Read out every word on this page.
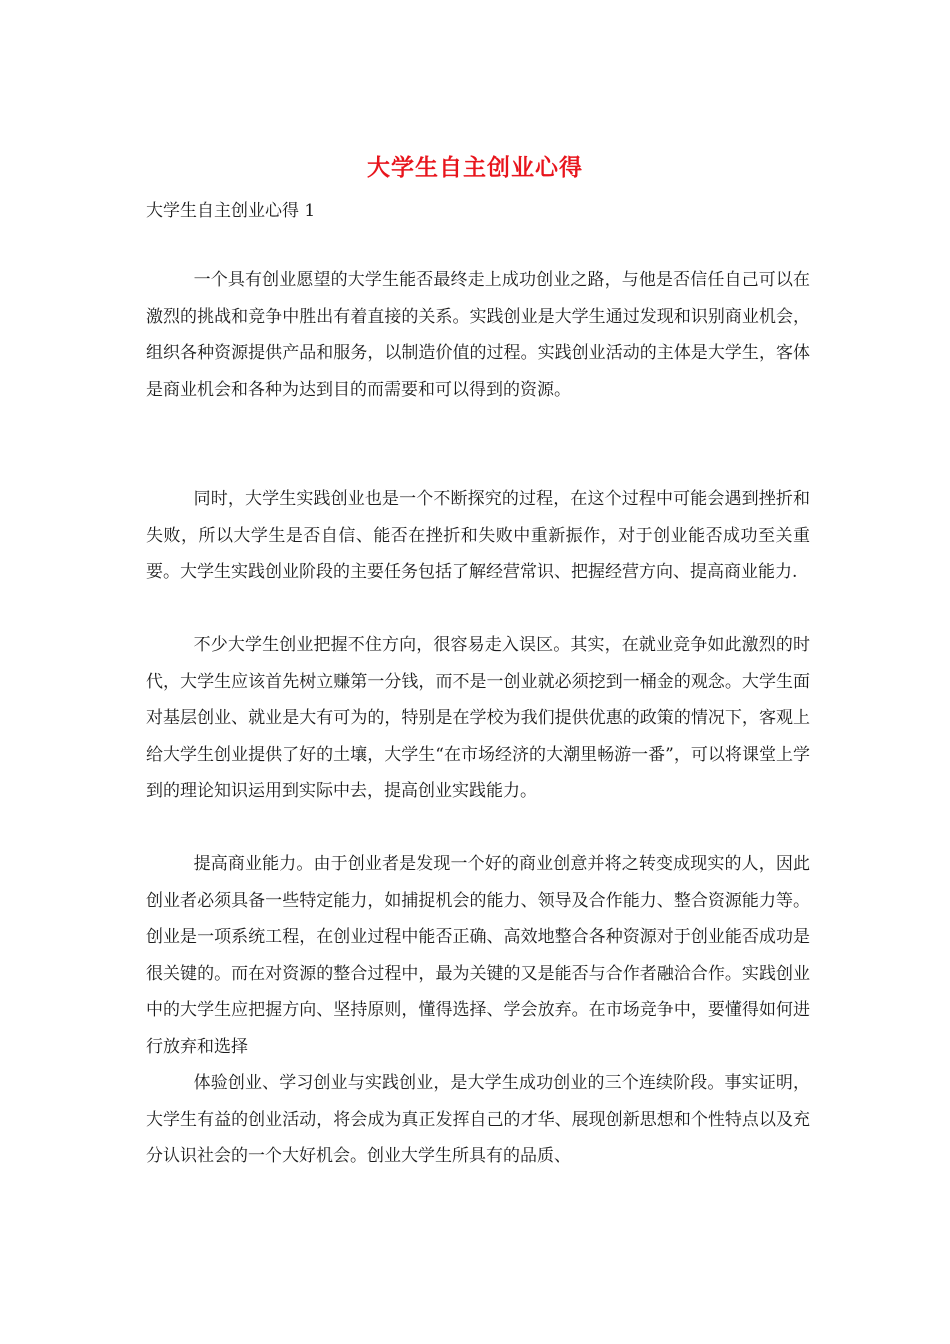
大学生自主创业心得
大学生自主创业心得 1

一个具有创业愿望的大学生能否最终走上成功创业之路，与他是否信任自己可以在激烈的挑战和竞争中胜出有着直接的关系。实践创业是大学生通过发现和识别商业机会，组织各种资源提供产品和服务，以制造价值的过程。实践创业活动的主体是大学生，客体是商业机会和各种为达到目的而需要和可以得到的资源。

同时，大学生实践创业也是一个不断探究的过程，在这个过程中可能会遇到挫折和失败，所以大学生是否自信、能否在挫折和失败中重新振作，对于创业能否成功至关重要。大学生实践创业阶段的主要任务包括了解经营常识、把握经营方向、提高商业能力.

不少大学生创业把握不住方向，很容易走入误区。其实，在就业竞争如此激烈的时代，大学生应该首先树立赚第一分钱，而不是一创业就必须挖到一桶金的观念。大学生面对基层创业、就业是大有可为的，特别是在学校为我们提供优惠的政策的情况下，客观上给大学生创业提供了好的土壤，大学生“在市场经济的大潮里畅游一番”，可以将课堂上学到的理论知识运用到实际中去，提高创业实践能力。

提高商业能力。由于创业者是发现一个好的商业创意并将之转变成现实的人，因此创业者必须具备一些特定能力，如捕捉机会的能力、领导及合作能力、整合资源能力等。创业是一项系统工程，在创业过程中能否正确、高效地整合各种资源对于创业能否成功是很关键的。而在对资源的整合过程中，最为关键的又是能否与合作者融洽合作。实践创业中的大学生应把握方向、坚持原则，懂得选择、学会放弃。在市场竞争中，要懂得如何进行放弃和选择

体验创业、学习创业与实践创业，是大学生成功创业的三个连续阶段。事实证明，大学生有益的创业活动，将会成为真正发挥自己的才华、展现创新思想和个性特点以及充分认识社会的一个大好机会。创业大学生所具有的品质、
